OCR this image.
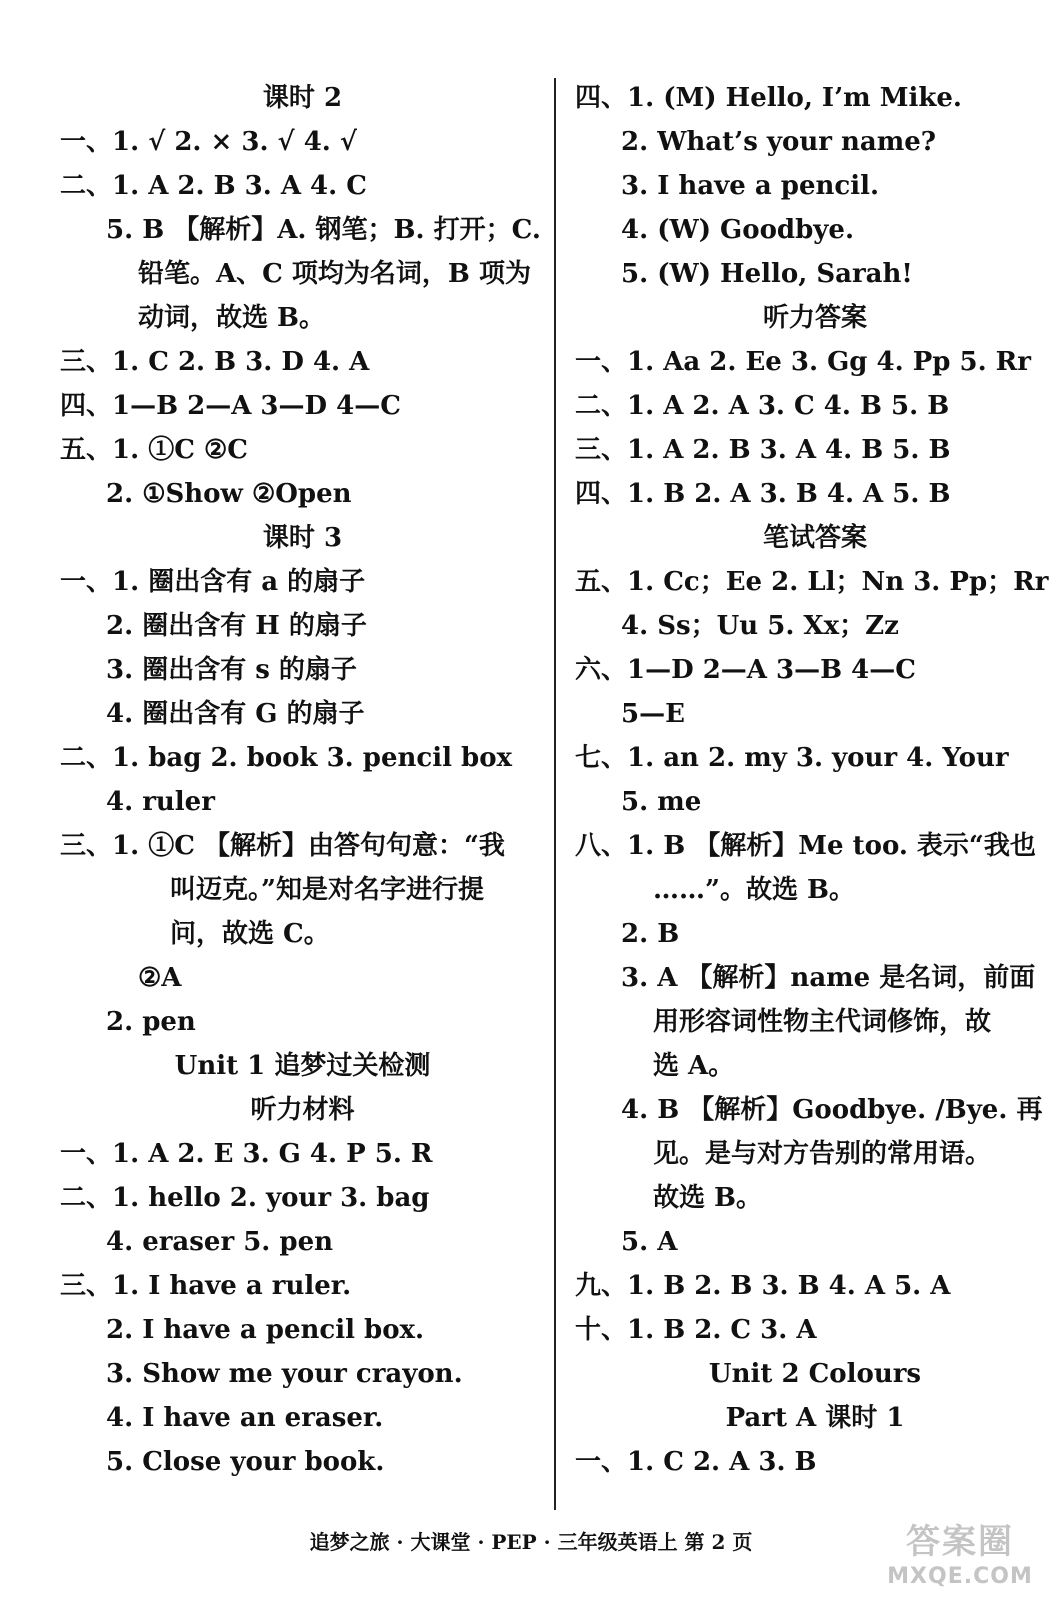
课时 2
一、1. √ 2. × 3. √ 4. √
二、1. A 2. B 3. A 4. C
5. B 【解析】A. 钢笔；B. 打开；C.
铅笔。A、C 项均为名词，B 项为
动词，故选 B。
三、1. C 2. B 3. D 4. A
四、1—B 2—A 3—D 4—C
五、1. ①C ②C
2. ①Show ②Open
课时 3
一、1. 圈出含有 a 的扇子
2. 圈出含有 H 的扇子
3. 圈出含有 s 的扇子
4. 圈出含有 G 的扇子
二、1. bag 2. book 3. pencil box
4. ruler
三、1. ①C 【解析】由答句句意：“我
叫迈克。”知是对名字进行提
问，故选 C。
②A
2. pen
Unit 1 追梦过关检测
听力材料
一、1. A 2. E 3. G 4. P 5. R
二、1. hello 2. your 3. bag
4. eraser 5. pen
三、1. I have a ruler.
2. I have a pencil box.
3. Show me your crayon.
4. I have an eraser.
5. Close your book.
四、1. (M) Hello, I’m Mike.
2. What’s your name?
3. I have a pencil.
4. (W) Goodbye.
5. (W) Hello, Sarah!
听力答案
一、1. Aa 2. Ee 3. Gg 4. Pp 5. Rr
二、1. A 2. A 3. C 4. B 5. B
三、1. A 2. B 3. A 4. B 5. B
四、1. B 2. A 3. B 4. A 5. B
笔试答案
五、1. Cc；Ee 2. Ll；Nn 3. Pp；Rr
4. Ss；Uu 5. Xx；Zz
六、1—D 2—A 3—B 4—C
5—E
七、1. an 2. my 3. your 4. Your
5. me
八、1. B 【解析】Me too. 表示“我也
……”。故选 B。
2. B
3. A 【解析】name 是名词，前面
用形容词性物主代词修饰，故
选 A。
4. B 【解析】Goodbye. /Bye. 再
见。是与对方告别的常用语。
故选 B。
5. A
九、1. B 2. B 3. B 4. A 5. A
十、1. B 2. C 3. A
Unit 2 Colours
Part A 课时 1
一、1. C 2. A 3. B
追梦之旅 · 大课堂 · PEP · 三年级英语上 第 2 页	答案圈
MXQE.COM
